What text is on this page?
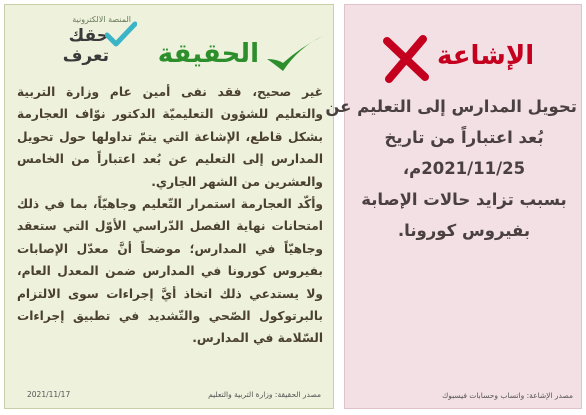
المنصة الالكترونية
حقك تعرف الحقيقة

غير صحيح، فقد نفى أمين عام وزارة التربية والتعليم للشؤون التعليميّة الدكتور نوّاف العجارمة بشكل قاطع، الإشاعة التي يتمّ تداولها حول تحويل المدارس إلى التعليم عن بُعد اعتباراً من الخامس والعشرين من الشهر الجاري.

وأكّد العجارمة استمرار التّعليم وجاهيّاً، بما في ذلك امتحانات نهاية الفصل الدّراسي الأوّل التي ستعقد وجاهيّاً في المدارس؛ موضحاً أنَّ معدّل الإصابات بفيروس كورونا في المدارس ضمن المعدل العام، ولا يستدعي ذلك اتخاذ أيَّ إجراءات سوى الالتزام بالبرتوكول الصّحي والتّشديد في تطبيق إجراءات السّلامة في المدارس.

2021/11/17	مصدر الحقيقة: وزارة التربية والتعليم
الإشاعة
تحويل المدارس إلى التعليم عن
بُعد اعتباراً من تاريخ
2021/11/25م،
بسبب تزايد حالات الإصابة
بفيروس كورونا.
مصدر الإشاعة: واتساب وحسابات فيسبوك
